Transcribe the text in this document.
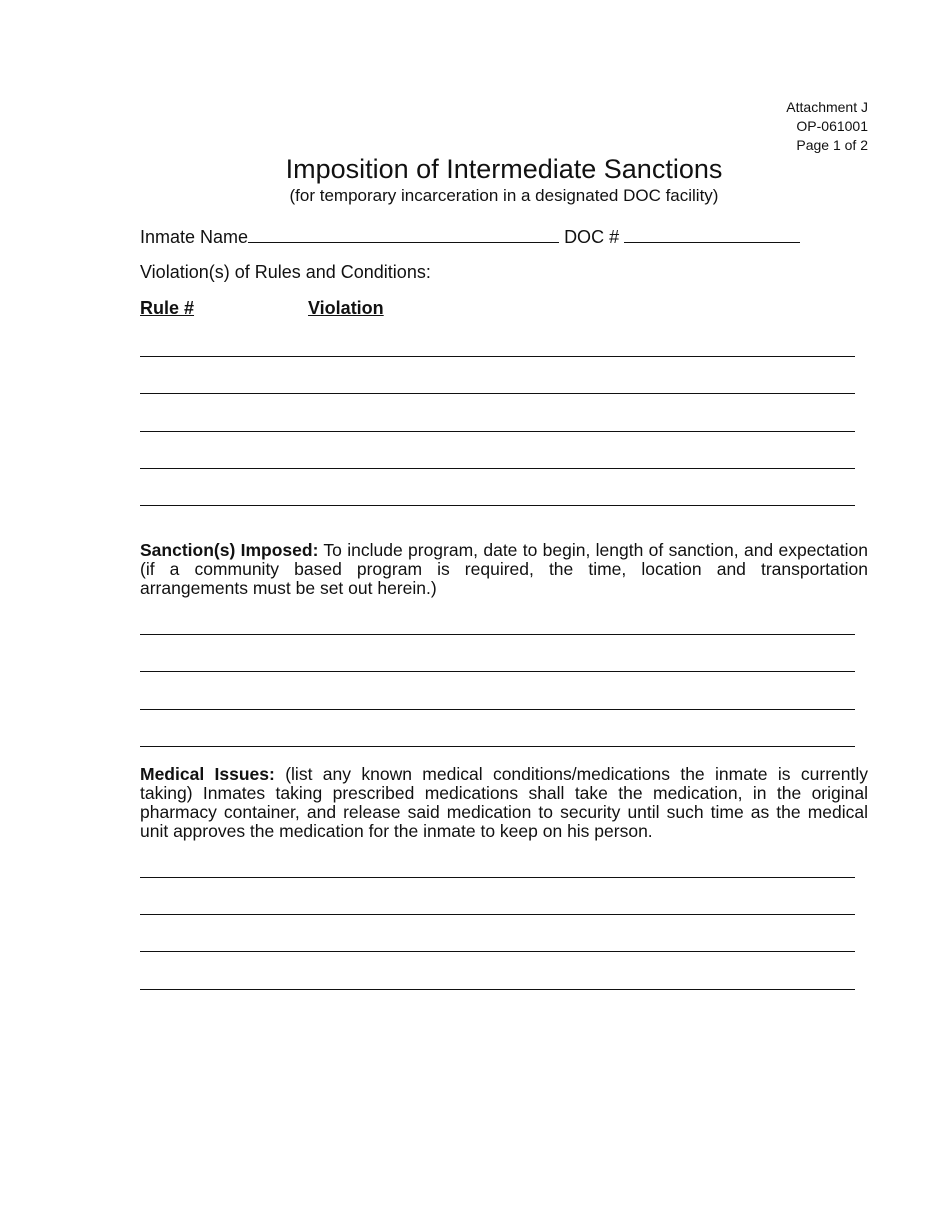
Attachment J
OP-061001
Page 1 of 2
Imposition of Intermediate Sanctions
(for temporary incarceration in a designated DOC facility)
Inmate Name	DOC #
Violation(s) of Rules and Conditions:
Rule #	Violation
Sanction(s) Imposed: To include program, date to begin, length of sanction, and expectation (if a community based program is required, the time, location and transportation arrangements must be set out herein.)
Medical Issues: (list any known medical conditions/medications the inmate is currently taking) Inmates taking prescribed medications shall take the medication, in the original pharmacy container, and release said medication to security until such time as the medical unit approves the medication for the inmate to keep on his person.
